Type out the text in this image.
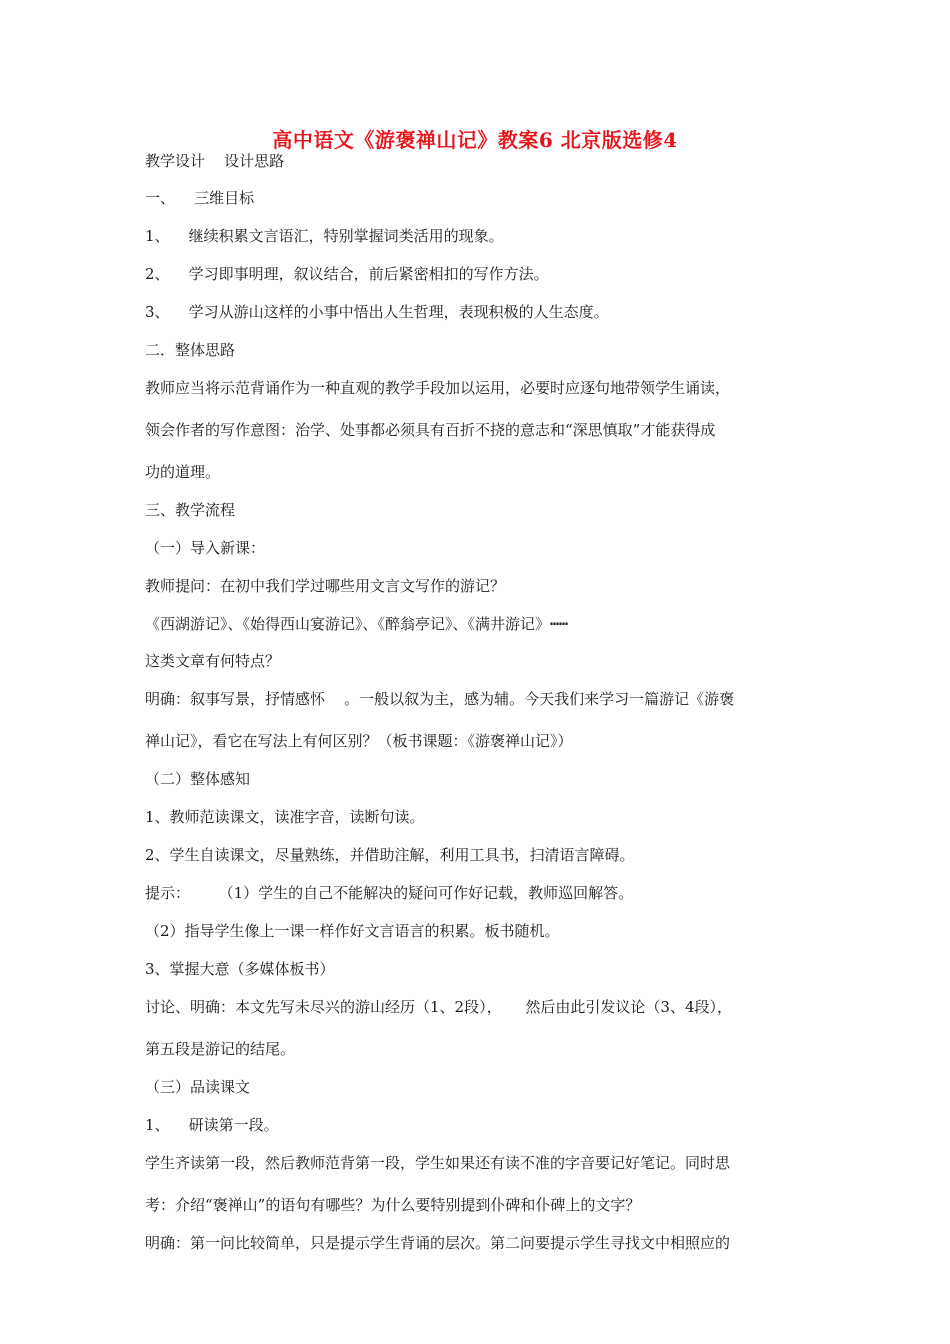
高中语文《游褒禅山记》教案6 北京版选修4

教学设计    设计思路

一、    三维目标

1、    继续积累文言语汇，特别掌握词类活用的现象。

2、    学习即事明理，叙议结合，前后紧密相扣的写作方法。

3、    学习从游山这样的小事中悟出人生哲理，表现积极的人生态度。

二．整体思路

教师应当将示范背诵作为一种直观的教学手段加以运用，必要时应逐句地带领学生诵读，

领会作者的写作意图：治学、处事都必须具有百折不挠的意志和“深思慎取”才能获得成

功的道理。

三、教学流程

（一）导入新课：

教师提问：在初中我们学过哪些用文言文写作的游记？

《西湖游记》、《始得西山宴游记》、《醉翁亭记》、《满井游记》┅┅

这类文章有何特点？

明确：叙事写景，抒情感怀    。一般以叙为主，感为辅。今天我们来学习一篇游记《游褒

禅山记》，看它在写法上有何区别？（板书课题：《游褒禅山记》）

（二）整体感知

1、教师范读课文，读准字音，读断句读。

2、学生自读课文，尽量熟练，并借助注解，利用工具书，扫清语言障碍。

提示：      （1）学生的自己不能解决的疑问可作好记载，教师巡回解答。

（2）指导学生像上一课一样作好文言语言的积累。板书随机。

3、掌握大意（多媒体板书）

讨论、明确：本文先写未尽兴的游山经历（1、2段），     然后由此引发议论（3、4段），

第五段是游记的结尾。

（三）品读课文

1、    研读第一段。

学生齐读第一段，然后教师范背第一段，学生如果还有读不准的字音要记好笔记。同时思

考：介绍“褒禅山”的语句有哪些？为什么要特别提到仆碑和仆碑上的文字？

明确：第一问比较简单，只是提示学生背诵的层次。第二问要提示学生寻找文中相照应的
